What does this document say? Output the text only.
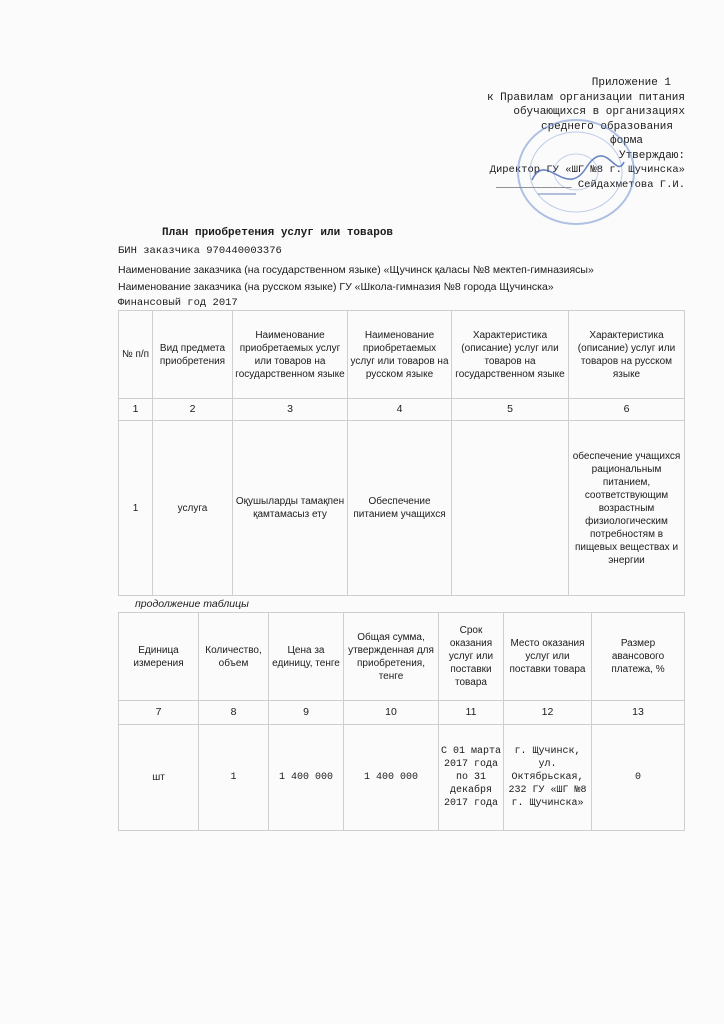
Приложение 1
к Правилам организации питания
обучающихся в организациях
среднего образования
форма
Утверждаю:
Директор ГУ «ШГ №8 г. Щучинска»
____________ Сейдахметова Г.И.
План приобретения услуг или товаров
БИН заказчика 970440003376
Наименование заказчика (на государственном языке) «Щучинск қаласы №8 мектеп-гимназиясы»
Наименование заказчика (на русском языке) ГУ «Школа-гимназия №8 города Щучинска»
Финансовый год 2017
№ п/п	Вид предмета приобретения	Наименование приобретаемых услуг или товаров на государственном языке	Наименование приобретаемых услуг или товаров на русском языке	Характеристика (описание) услуг или товаров на государственном языке	Характеристика (описание) услуг или товаров на русском языке
1	2	3	4	5	6
1	услуга	Оқушыларды тамақпен қамтамасыз ету	Обеспечение питанием учащихся		обеспечение учащихся рациональным питанием, соответствующим возрастным физиологическим потребностям в пищевых веществах и энергии
продолжение таблицы
Единица измерения	Количество, объем	Цена за единицу, тенге	Общая сумма, утвержденная для приобретения, тенге	Срок оказания услуг или поставки товара	Место оказания услуг или поставки товара	Размер авансового платежа, %
7	8	9	10	11	12	13
шт	1	1 400 000	1 400 000	С 01 марта 2017 года по 31 декабря 2017 года	г. Щучинск, ул. Октябрьская, 232 ГУ «ШГ №8 г. Щучинска»	0
